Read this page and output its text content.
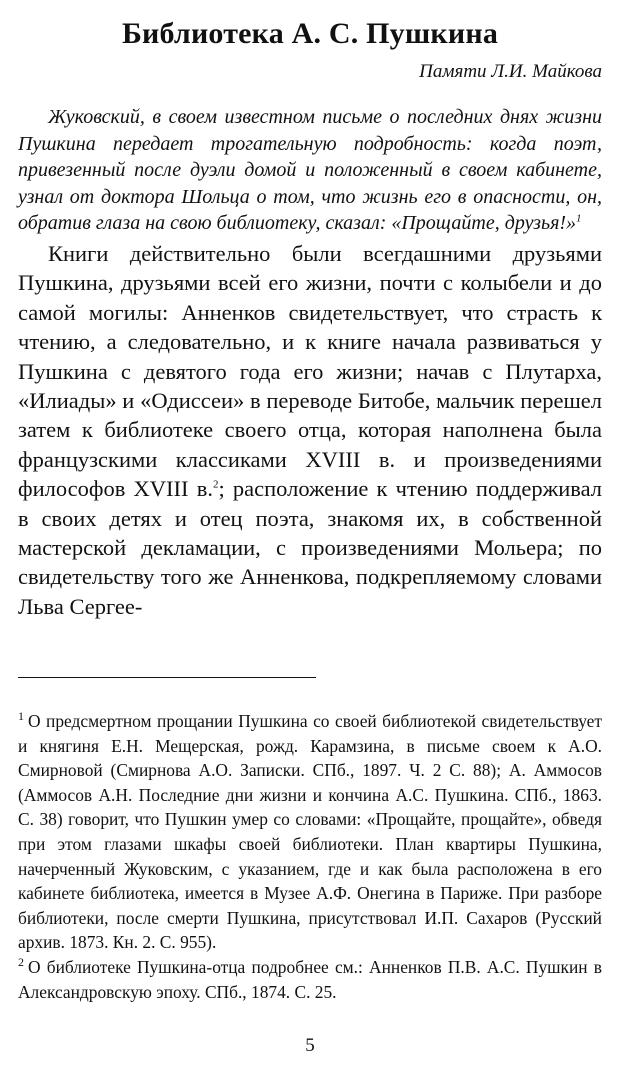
Библиотека А. С. Пушкина

Памяти Л.И. Майкова

Жуковский, в своем известном письме о последних днях жизни Пушкина передает трогательную подробность: когда поэт, привезенный после дуэли домой и положенный в своем кабинете, узнал от доктора Шольца о том, что жизнь его в опасности, он, обратив глаза на свою библиотеку, сказал: «Прощайте, друзья!»$^1$

Книги действительно были всегдашними друзьями Пушкина, друзьями всей его жизни, почти с колыбели и до самой могилы: Анненков свидетельствует, что страсть к чтению, а следовательно, и к книге начала развиваться у Пушкина с девятого года его жизни; начав с Плутарха, «Илиады» и «Одиссеи» в переводе Битобе, мальчик перешел затем к библиотеке своего отца, которая наполнена была французскими классиками XVIII в. и произведениями философов XVIII в.$^2$; расположение к чтению поддерживал в своих детях и отец поэта, знакомя их, в собственной мастерской декламации, с произведениями Мольера; по свидетельству того же Анненкова, подкрепляемому словами Льва Сергее-

$^1$ О предсмертном прощании Пушкина со своей библиотекой свидетельствует и княгиня Е.Н. Мещерская, рожд. Карамзина, в письме своем к А.О. Смирновой (Смирнова А.О. Записки. СПб., 1897. Ч. 2 С. 88); А. Аммосов (Аммосов А.Н. Последние дни жизни и кончина А.С. Пушкина. СПб., 1863. С. 38) говорит, что Пушкин умер со словами: «Прощайте, прощайте», обведя при этом глазами шкафы своей библиотеки. План квартиры Пушкина, начерченный Жуковским, с указанием, где и как была расположена в его кабинете библиотека, имеется в Музее А.Ф. Онегина в Париже. При разборе библиотеки, после смерти Пушкина, присутствовал И.П. Сахаров (Русский архив. 1873. Кн. 2. С. 955).

$^2$ О библиотеке Пушкина-отца подробнее см.: Анненков П.В. А.С. Пушкин в Александровскую эпоху. СПб., 1874. С. 25.

5
